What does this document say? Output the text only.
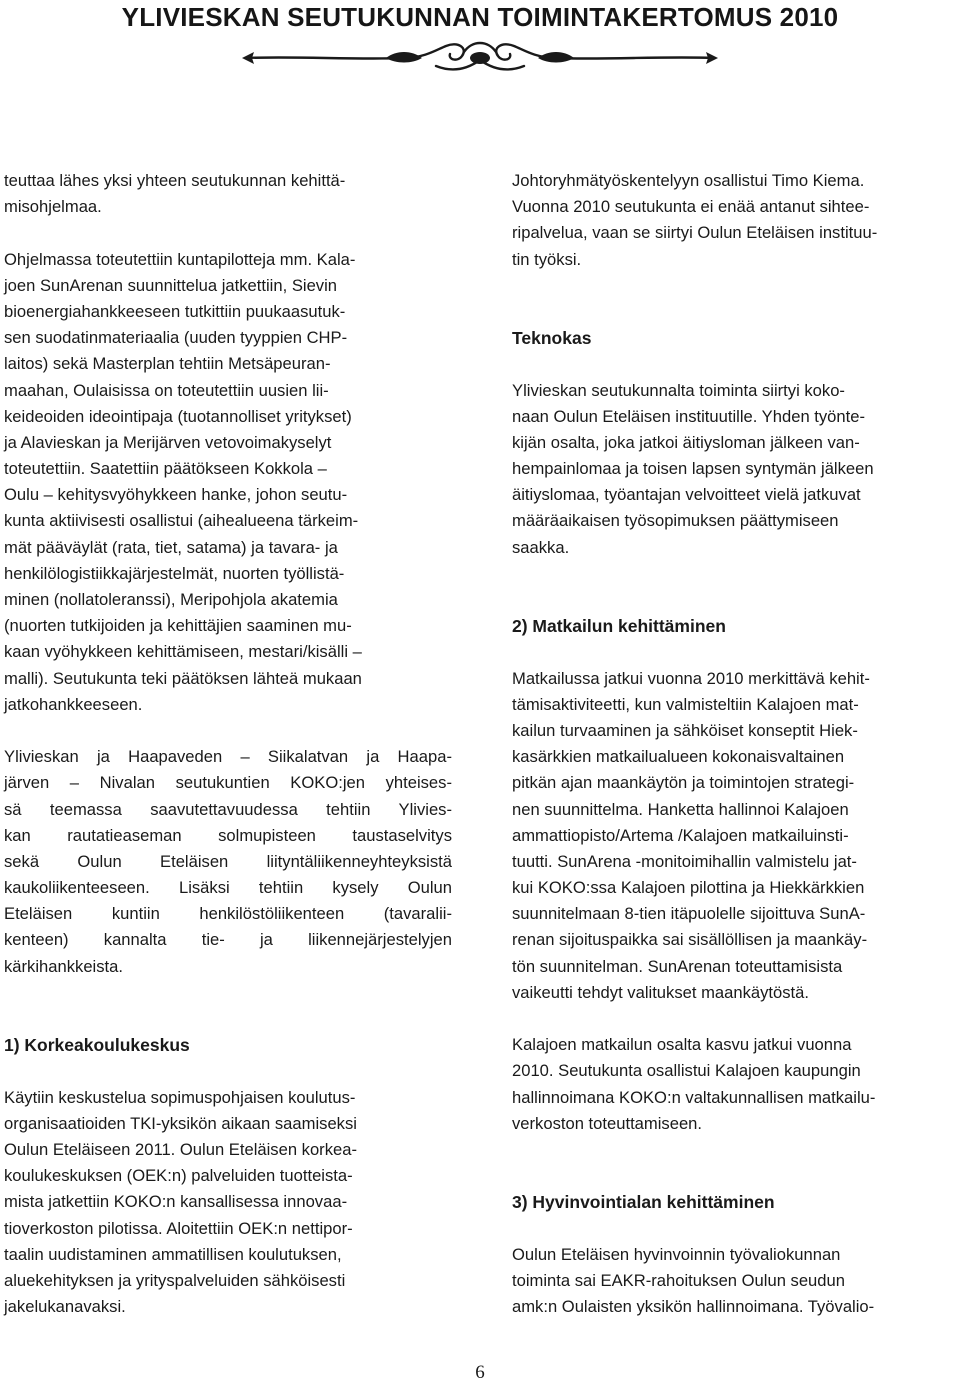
YLIVIESKAN SEUTUKUNNAN TOIMINTAKERTOMUS 2010
teuttaa lähes yksi yhteen seutukunnan kehittä-
misohjelmaa.
Ohjelmassa toteutettiin kuntapilotteja mm. Kala-
joen SunArenan suunnittelua jatkettiin, Sievin
bioenergiahankkeeseen tutkittiin puukaasutuk-
sen suodatinmateriaalia (uuden tyyppien CHP-
laitos) sekä Masterplan tehtiin Metsäpeuran-
maahan, Oulaisissa on toteutettiin uusien lii-
keideoiden ideointipaja (tuotannolliset yritykset)
ja Alavieskan ja Merijärven vetovoimakyselyt
toteutettiin. Saatettiin päätökseen Kokkola –
Oulu – kehitysvyöhykkeen hanke, johon seutu-
kunta aktiivisesti osallistui (aihealueena tärkeim-
mät pääväylät (rata, tiet, satama) ja tavara- ja
henkilölogistiikkajärjestelmät, nuorten työllistä-
minen (nollatoleranssi), Meripohjola akatemia
(nuorten tutkijoiden ja kehittäjien saaminen mu-
kaan vyöhykkeen kehittämiseen, mestari/kisälli –
malli). Seutukunta teki päätöksen lähteä mukaan
jatkohankkeeseen.
Ylivieskan ja Haapaveden – Siikalatvan ja Haapa-
järven – Nivalan seutukuntien KOKO:jen yhteises-
sä teemassa saavutettavuudessa tehtiin Ylivies-
kan rautatieaseman solmupisteen taustaselvitys
sekä Oulun Eteläisen liityntäliikenneyhteyksistä
kaukoliikenteeseen. Lisäksi tehtiin kysely Oulun
Eteläisen kuntiin henkilöstöliikenteen (tavaralii-
kenteen) kannalta tie- ja liikennejärjestelyjen
kärkihankkeista.
1) Korkeakoulukeskus
Käytiin keskustelua sopimuspohjaisen koulutus-
organisaatioiden TKI-yksikön aikaan saamiseksi
Oulun Eteläiseen 2011. Oulun Eteläisen korkea-
koulukeskuksen (OEK:n) palveluiden tuotteista-
mista jatkettiin KOKO:n kansallisessa innovaa-
tioverkoston pilotissa. Aloitettiin OEK:n nettipor-
taalin uudistaminen ammatillisen koulutuksen,
aluekehityksen ja yrityspalveluiden sähköisesti
jakelukanavaksi.
Johtoryhmätyöskentelyyn osallistui Timo Kiema.
Vuonna 2010 seutukunta ei enää antanut sihtee-
ripalvelua, vaan se siirtyi Oulun Eteläisen instituu-
tin työksi.
Teknokas
Ylivieskan seutukunnalta toiminta siirtyi koko-
naan Oulun Eteläisen instituutille. Yhden työnte-
kijän osalta, joka jatkoi äitiysloman jälkeen van-
hempainlomaa ja toisen lapsen syntymän jälkeen
äitiyslomaa, työantajan velvoitteet vielä jatkuvat
määräaikaisen työsopimuksen päättymiseen
saakka.
2) Matkailun kehittäminen
Matkailussa jatkui vuonna 2010 merkittävä kehit-
tämisaktiviteetti, kun valmisteltiin Kalajoen mat-
kailun turvaaminen ja sähköiset konseptit Hiek-
kasärkkien matkailualueen kokonaisvaltainen
pitkän ajan maankäytön ja toimintojen strategi-
nen suunnittelma. Hanketta hallinnoi Kalajoen
ammattiopisto/Artema /Kalajoen matkailuinsti-
tuutti. SunArena -monitoimihallin valmistelu jat-
kui KOKO:ssa Kalajoen pilottina ja Hiekkärkkien
suunnitelmaan 8-tien itäpuolelle sijoittuva SunA-
renan sijoituspaikka sai sisällöllisen ja maankäy-
tön suunnitelman. SunArenan toteuttamisista
vaikeutti tehdyt valitukset maankäytöstä.
Kalajoen matkailun osalta kasvu jatkui vuonna
2010. Seutukunta osallistui Kalajoen kaupungin
hallinnoimana KOKO:n valtakunnallisen matkailu-
verkoston toteuttamiseen.
3) Hyvinvointialan kehittäminen
Oulun Eteläisen hyvinvoinnin työvaliokunnan
toiminta sai EAKR-rahoituksen Oulun seudun
amk:n Oulaisten yksikön hallinnoimana. Työvalio-
6
